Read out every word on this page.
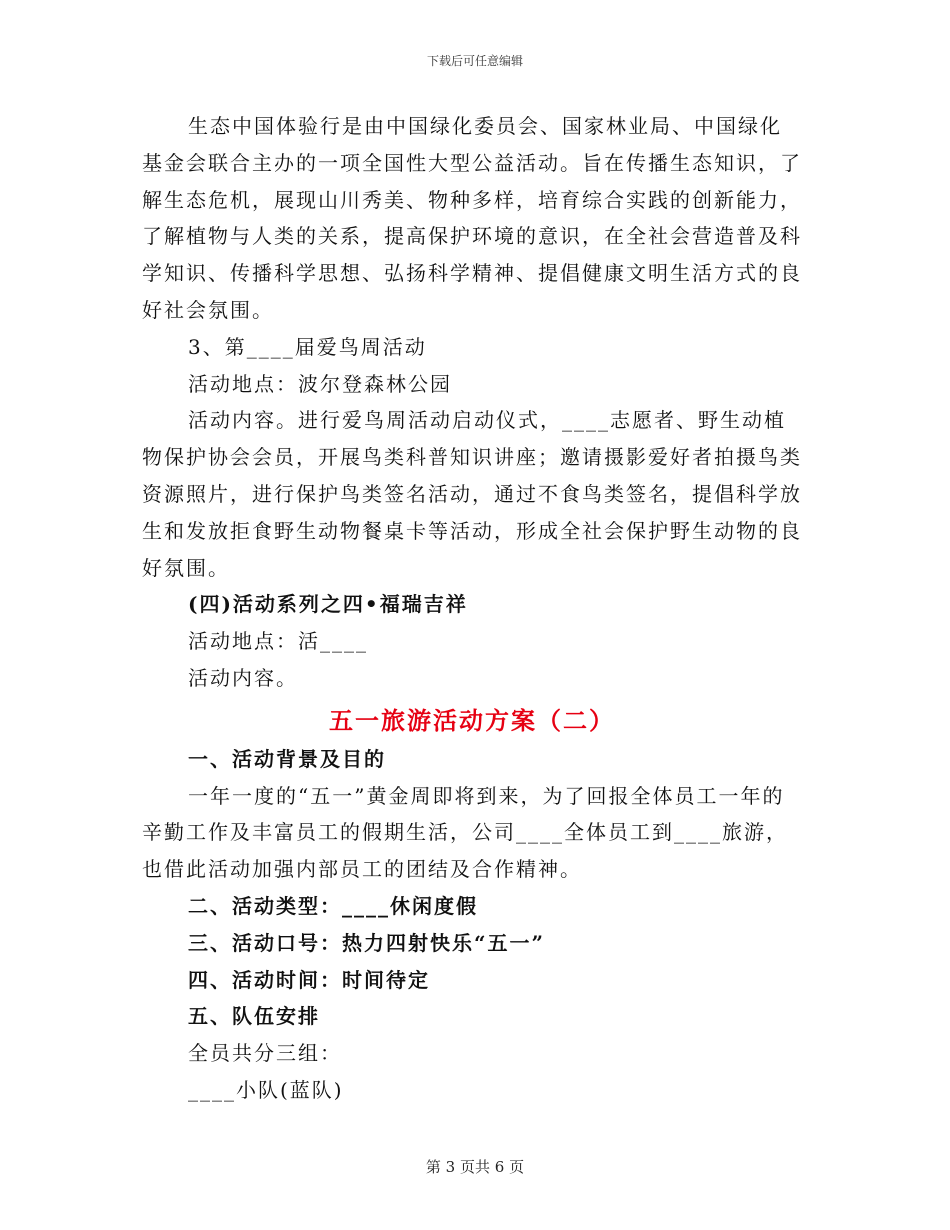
下载后可任意编辑

生态中国体验行是由中国绿化委员会、国家林业局、中国绿化基金会联合主办的一项全国性大型公益活动。旨在传播生态知识，了解生态危机，展现山川秀美、物种多样，培育综合实践的创新能力，了解植物与人类的关系，提高保护环境的意识，在全社会营造普及科学知识、传播科学思想、弘扬科学精神、提倡健康文明生活方式的良好社会氛围。

3、第____届爱鸟周活动

活动地点：波尔登森林公园

活动内容。进行爱鸟周活动启动仪式，____志愿者、野生动植物保护协会会员，开展鸟类科普知识讲座；邀请摄影爱好者拍摄鸟类资源照片，进行保护鸟类签名活动，通过不食鸟类签名，提倡科学放生和发放拒食野生动物餐桌卡等活动，形成全社会保护野生动物的良好氛围。

(四)活动系列之四•福瑞吉祥

活动地点：活____

活动内容。

五一旅游活动方案（二）

一、活动背景及目的

一年一度的“五一”黄金周即将到来，为了回报全体员工一年的辛勤工作及丰富员工的假期生活，公司____全体员工到____旅游，也借此活动加强内部员工的团结及合作精神。

二、活动类型：____休闲度假

三、活动口号：热力四射快乐“五一”

四、活动时间：时间待定

五、队伍安排

全员共分三组：

____小队(蓝队)

第 3 页共 6 页
